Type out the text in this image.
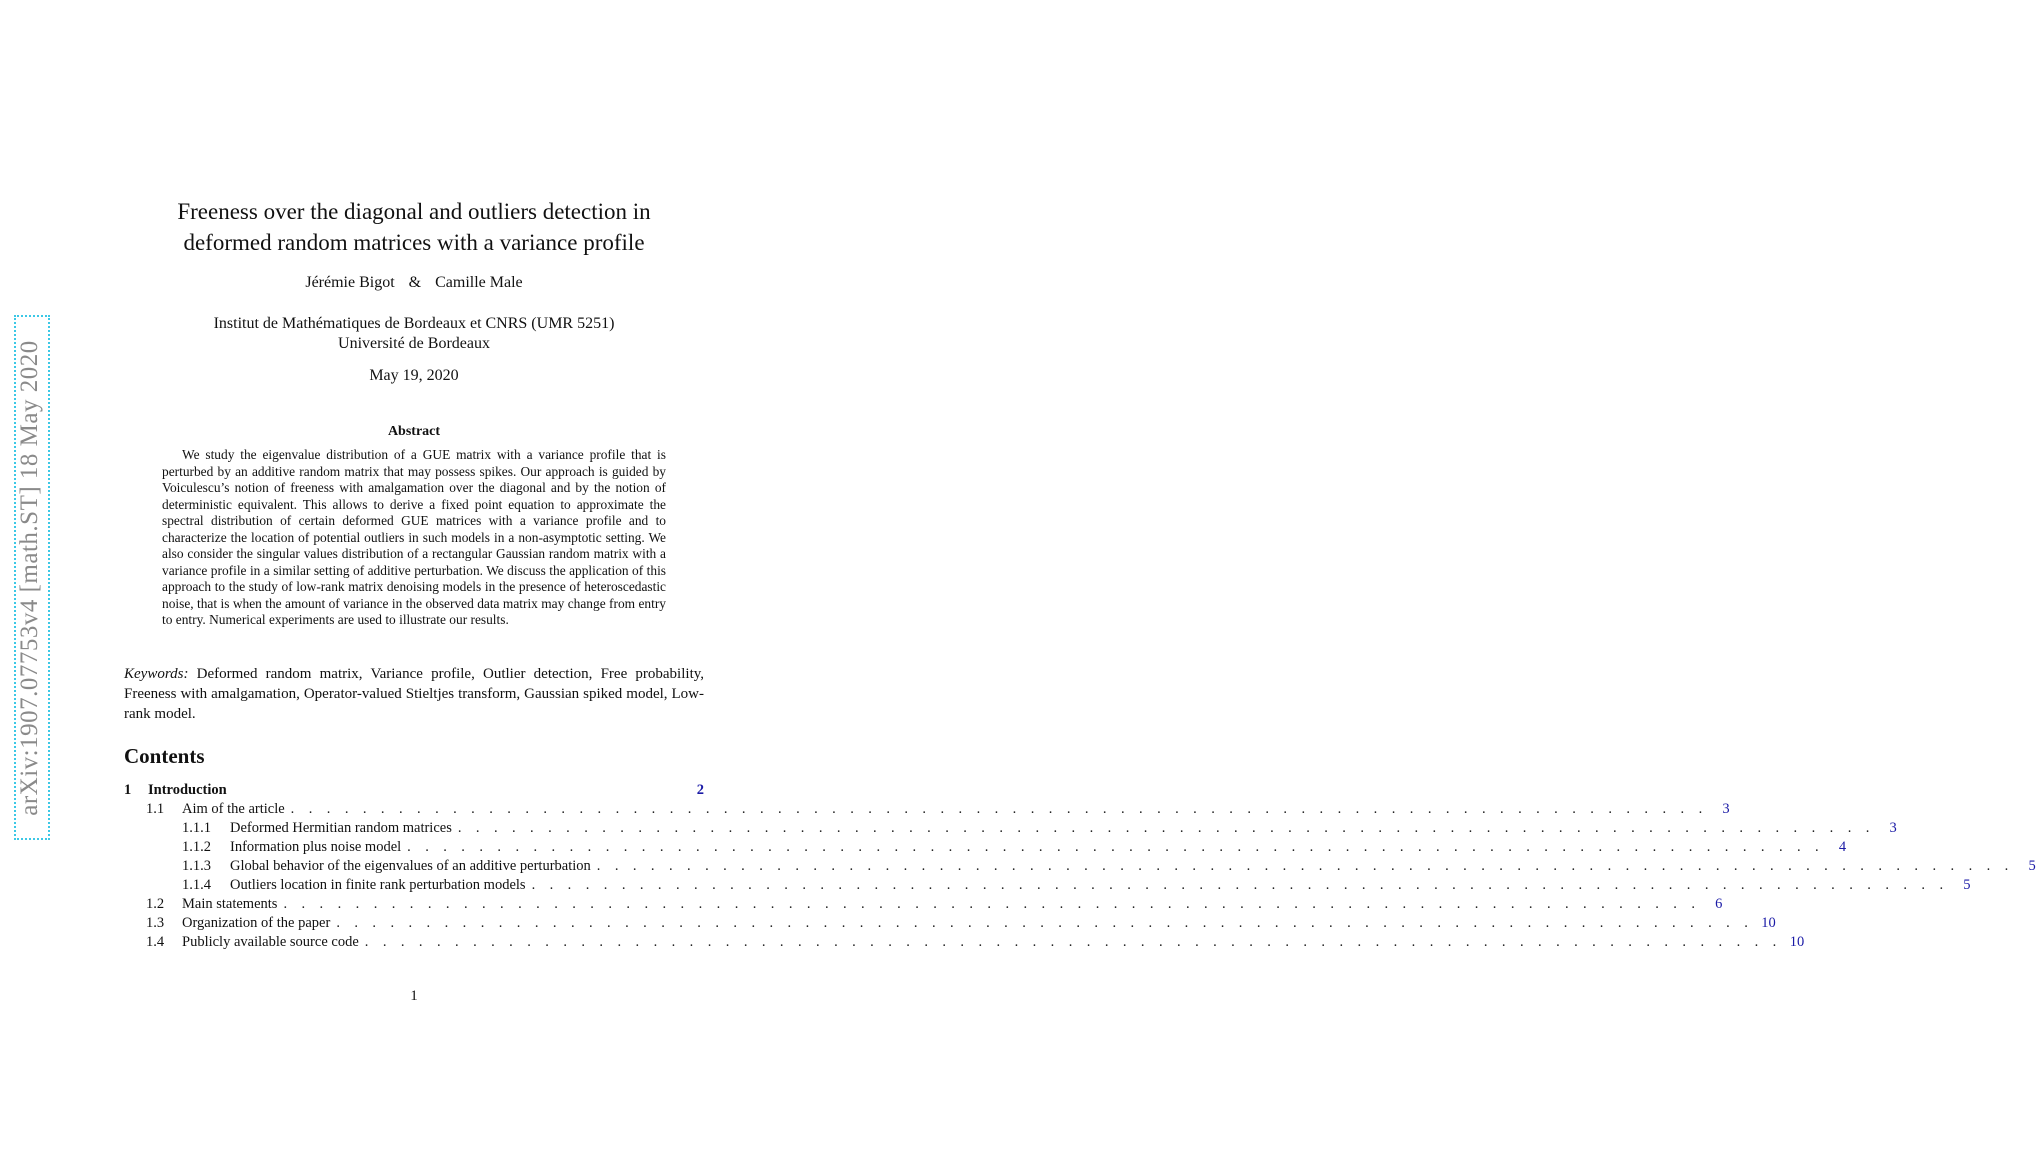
arXiv:1907.07753v4 [math.ST] 18 May 2020
Freeness over the diagonal and outliers detection in
deformed random matrices with a variance profile
Jérémie Bigot & Camille Male
Institut de Mathématiques de Bordeaux et CNRS (UMR 5251)
Université de Bordeaux
May 19, 2020
Abstract
We study the eigenvalue distribution of a GUE matrix with a variance profile that is perturbed by an additive random matrix that may possess spikes. Our approach is guided by Voiculescu’s notion of freeness with amalgamation over the diagonal and by the notion of deterministic equivalent. This allows to derive a fixed point equation to approximate the spectral distribution of certain deformed GUE matrices with a variance profile and to characterize the location of potential outliers in such models in a non-asymptotic setting. We also consider the singular values distribution of a rectangular Gaussian random matrix with a variance profile in a similar setting of additive perturbation. We discuss the application of this approach to the study of low-rank matrix denoising models in the presence of heteroscedastic noise, that is when the amount of variance in the observed data matrix may change from entry to entry. Numerical experiments are used to illustrate our results.
Keywords: Deformed random matrix, Variance profile, Outlier detection, Free probability, Freeness with amalgamation, Operator-valued Stieltjes transform, Gaussian spiked model, Low-rank model.
Contents
1	Introduction	2
1.1	Aim of the article . . . . . . . . . . . . . . . . . . . . . . . . . . . . . . . . . . . . . . . . . . . . . . . . . . . . . . . . . . . . . . . . . . . . . . . . . . . . . . .	3
1.1.1	Deformed Hermitian random matrices . . . . . . . . . . . . . . . . . . . . . . . . . . . . . . . . . . . . . . . . . . . . . . . . . . . . . . . . . . . . . . . . . . . . . . . . . . . . . . .	3
1.1.2	Information plus noise model . . . . . . . . . . . . . . . . . . . . . . . . . . . . . . . . . . . . . . . . . . . . . . . . . . . . . . . . . . . . . . . . . . . . . . . . . . . . . . .	4
1.1.3	Global behavior of the eigenvalues of an additive perturbation . . . . . . . . . . . . . . . . . . . . . . . . . . . . . . . . . . . . . . . . . . . . . . . . . . . . . . . . . . . . . . . . . . . . . . . . . . . . . . .	5
1.1.4	Outliers location in finite rank perturbation models . . . . . . . . . . . . . . . . . . . . . . . . . . . . . . . . . . . . . . . . . . . . . . . . . . . . . . . . . . . . . . . . . . . . . . . . . . . . . . .	5
1.2	Main statements . . . . . . . . . . . . . . . . . . . . . . . . . . . . . . . . . . . . . . . . . . . . . . . . . . . . . . . . . . . . . . . . . . . . . . . . . . . . . . .	6
1.3	Organization of the paper . . . . . . . . . . . . . . . . . . . . . . . . . . . . . . . . . . . . . . . . . . . . . . . . . . . . . . . . . . . . . . . . . . . . . . . . . . . . . . . 10
1.4	Publicly available source code . . . . . . . . . . . . . . . . . . . . . . . . . . . . . . . . . . . . . . . . . . . . . . . . . . . . . . . . . . . . . . . . . . . . . . . . . . . . . . . 10
1
